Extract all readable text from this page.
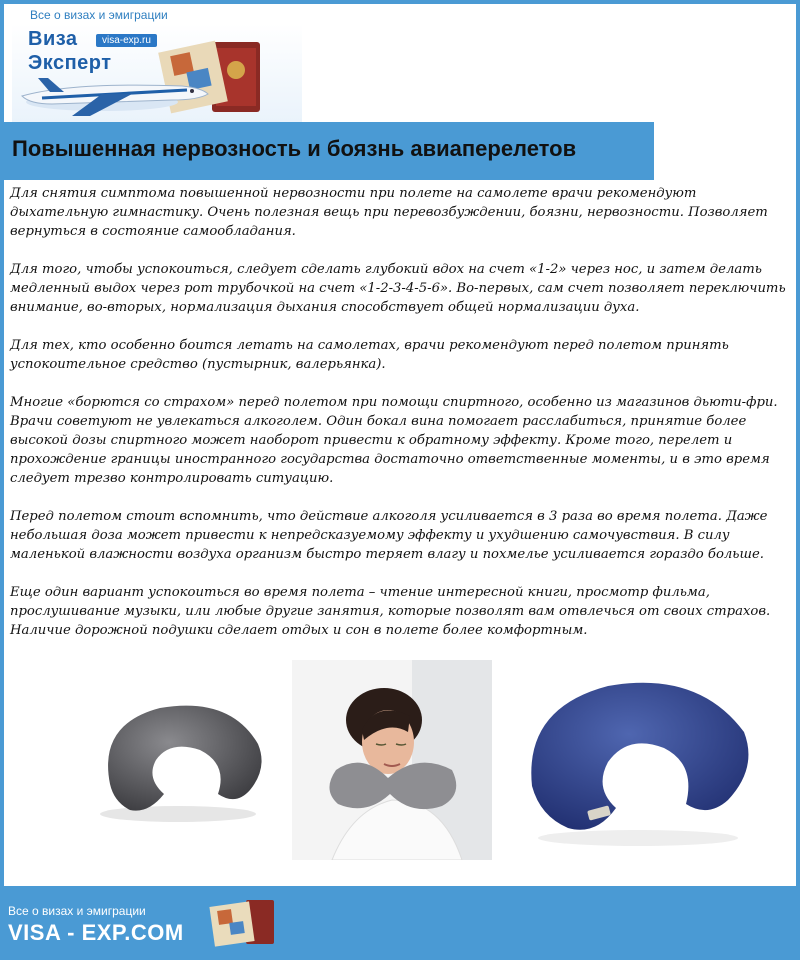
Все о визах и эмиграции
Виза
Эксперт
visa-exp.ru
Повышенная нервозность и боязнь авиаперелетов

Для снятия симптома повышенной нервозности при полете на самолете врачи рекомендуют дыхательную гимнастику. Очень полезная вещь при перевозбуждении, боязни, нервозности. Позволяет вернуться в состояние самообладания.

Для того, чтобы успокоиться, следует сделать глубокий вдох на счет «1-2» через нос, и затем делать медленный выдох через рот трубочкой на счет «1-2-3-4-5-6». Во-первых, сам счет позволяет переключить внимание, во-вторых, нормализация дыхания способствует общей нормализации духа.

Для тех, кто особенно боится летать на самолетах, врачи рекомендуют перед полетом принять успокоительное средство (пустырник, валерьянка).

Многие «борются со страхом» перед полетом при помощи спиртного, особенно из магазинов дьюти-фри. Врачи советуют не увлекаться алкоголем. Один бокал вина помогает расслабиться, принятие более высокой дозы спиртного может наоборот привести к обратному эффекту. Кроме того, перелет и прохождение границы иностранного государства достаточно ответственные моменты, и в это время следует трезво контролировать ситуацию.

Перед полетом стоит вспомнить, что действие алкоголя усиливается в 3 раза во время полета. Даже небольшая доза может привести к непредсказуемому эффекту и ухудшению самочувствия. В силу маленькой влажности воздуха организм быстро теряет влагу и похмелье усиливается гораздо больше.

Еще один вариант успокоиться во время полета – чтение интересной книги, просмотр фильма, прослушивание музыки, или любые другие занятия, которые позволят вам отвлечься от своих страхов. Наличие дорожной подушки сделает отдых и сон в полете более комфортным.

Все о визах и эмиграции
VISA - EXP.COM
